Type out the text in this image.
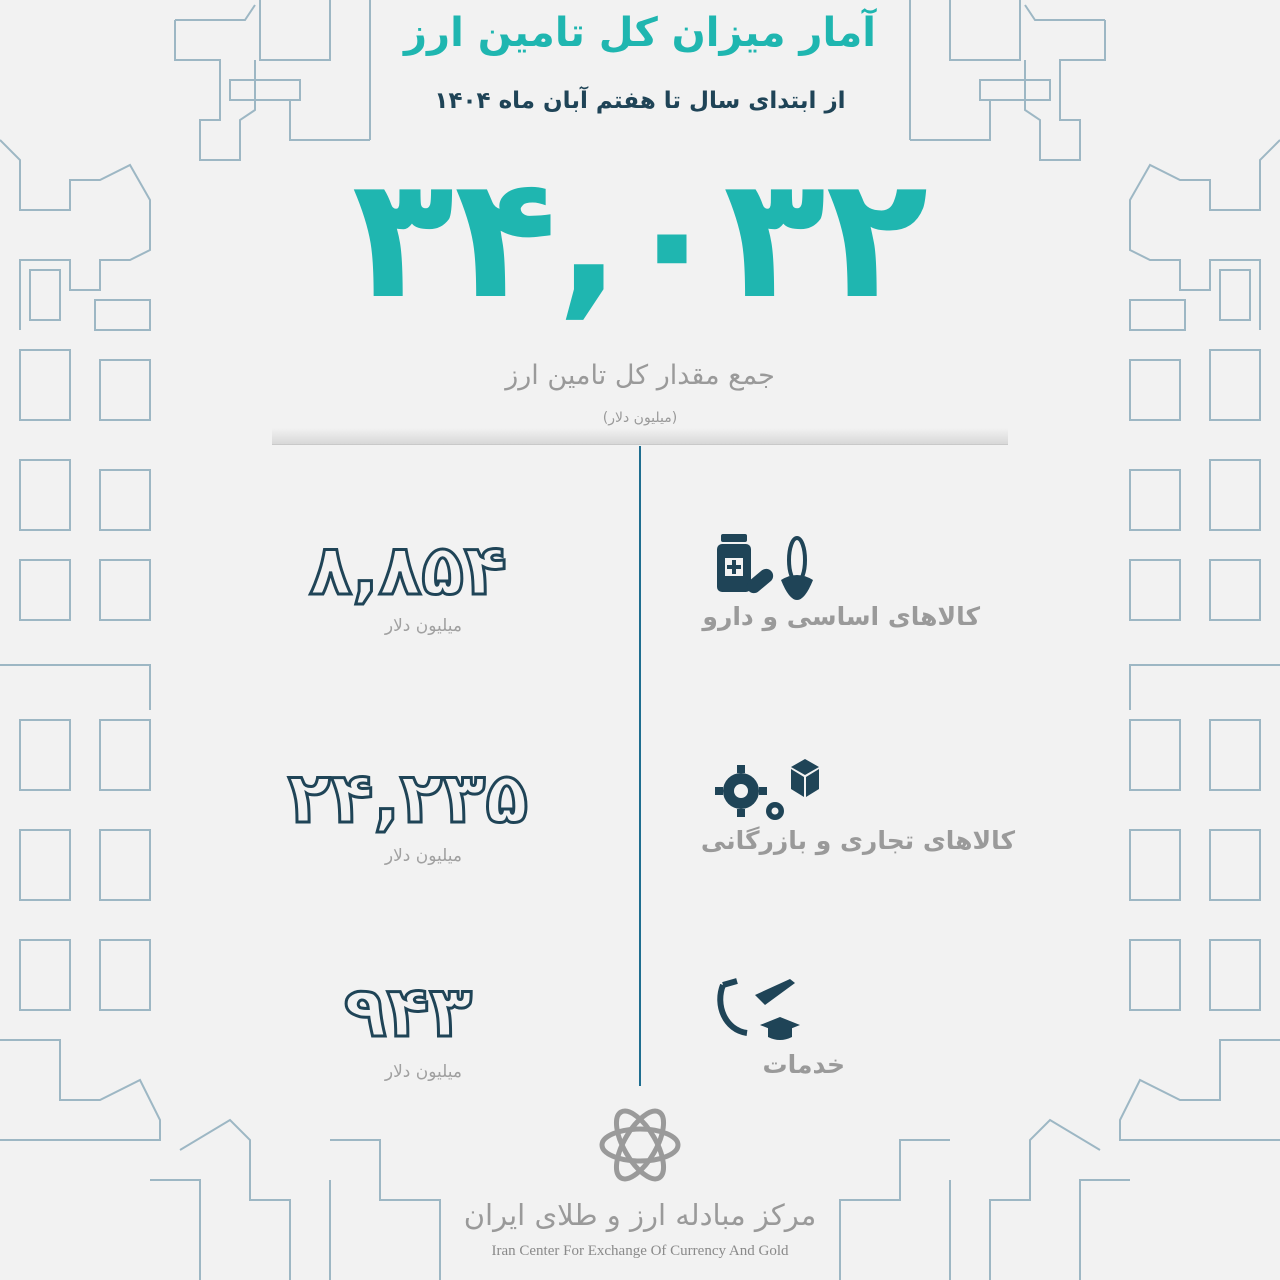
آمار میزان کل تامین ارز
از ابتدای سال تا هفتم آبان ماه ۱۴۰۴
۳۴,۰۳۲
جمع مقدار کل تامین ارز
(میلیون دلار)
۸,۸۵۴
میلیون دلار	کالاهای اساسی و دارو
۲۴,۲۳۵
میلیون دلار
کالاهای تجاری و بازرگانی
۹۴۳
میلیون دلار	خدمات
مرکز مبادله ارز و طلای ایران
Iran Center For Exchange Of Currency And Gold
